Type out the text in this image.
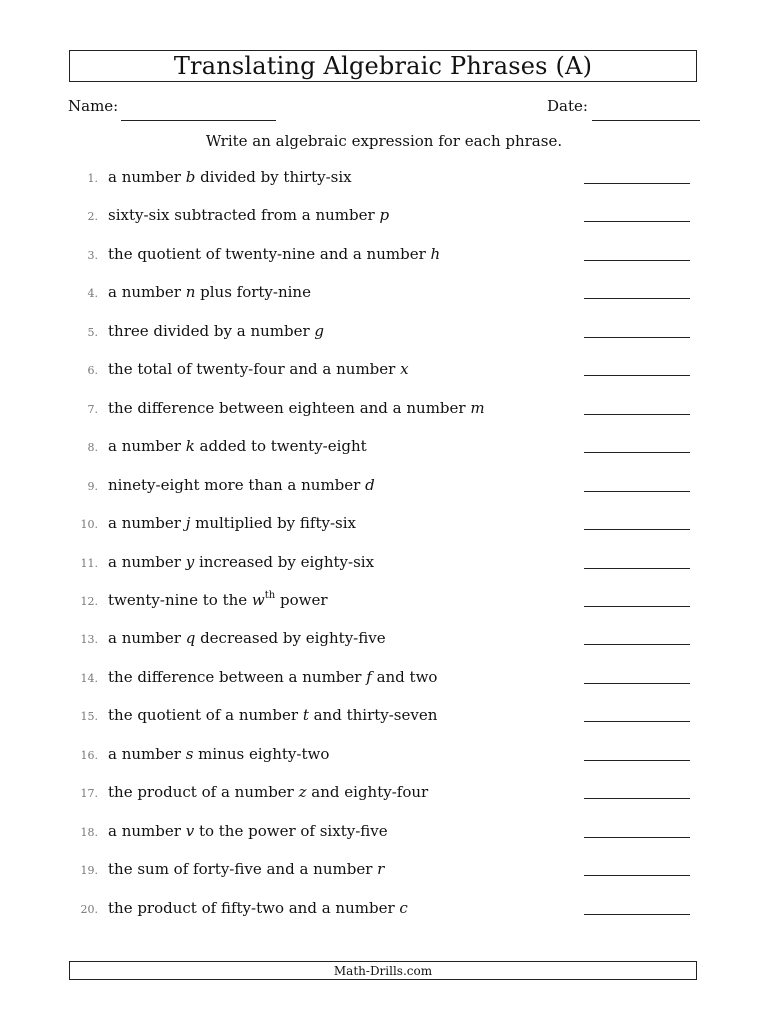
Translating Algebraic Phrases (A)
Name:	Date:
Write an algebraic expression for each phrase.
1. a number b divided by thirty-six
2. sixty-six subtracted from a number p
3. the quotient of twenty-nine and a number h
4. a number n plus forty-nine
5. three divided by a number g
6. the total of twenty-four and a number x
7. the difference between eighteen and a number m
8. a number k added to twenty-eight
9. ninety-eight more than a number d
10. a number j multiplied by fifty-six
11. a number y increased by eighty-six
12. twenty-nine to the $w^{th}$ power
13. a number q decreased by eighty-five
14. the difference between a number f and two
15. the quotient of a number t and thirty-seven
16. a number s minus eighty-two
17. the product of a number z and eighty-four
18. a number v to the power of sixty-five
19. the sum of forty-five and a number r
20. the product of fifty-two and a number c
Math-Drills.com
